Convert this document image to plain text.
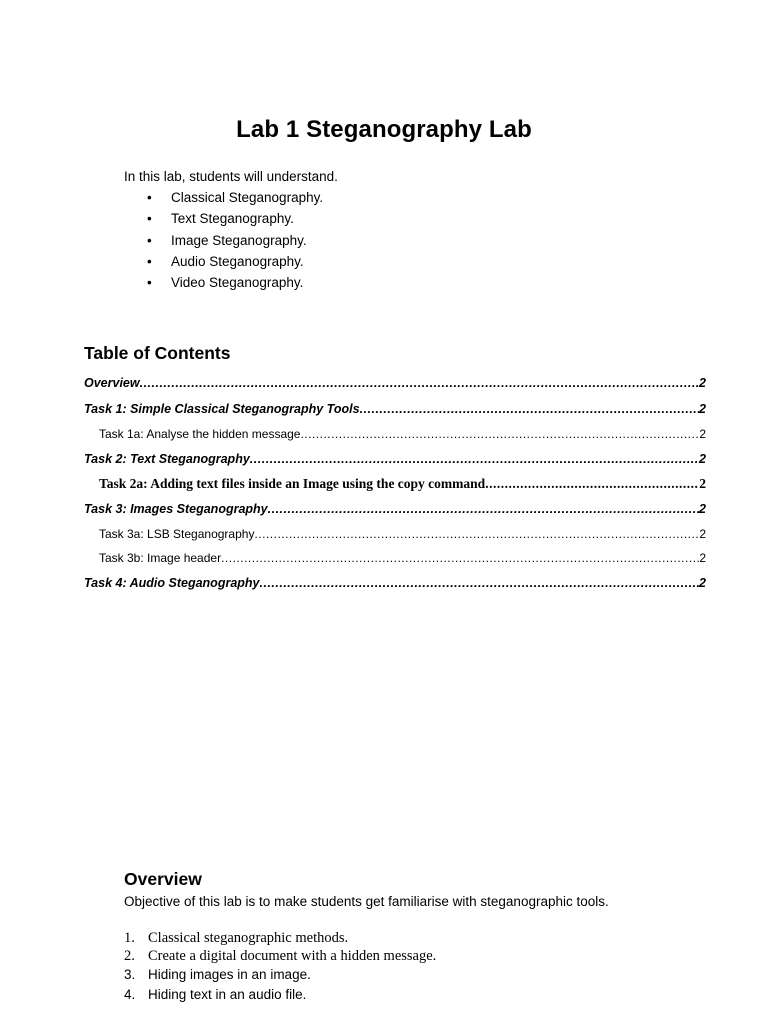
Lab 1 Steganography Lab
In this lab, students will understand.
• Classical Steganography.
• Text Steganography.
• Image Steganography.
• Audio Steganography.
• Video Steganography.
Table of Contents
Overview .....	2
Task 1: Simple Classical Steganography Tools .....	2
Task 1a: Analyse the hidden message .....	2
Task 2: Text Steganography .....	2
Task 2a: Adding text files inside an Image using the copy command .....	2
Task 3: Images Steganography .....	2
Task 3a: LSB Steganography .....	2
Task 3b: Image header .....	2
Task 4: Audio Steganography .....	2
Overview
Objective of this lab is to make students get familiarise with steganographic tools.
1. Classical steganographic methods.
2. Create a digital document with a hidden message.
3. Hiding images in an image.
4. Hiding text in an audio file.
